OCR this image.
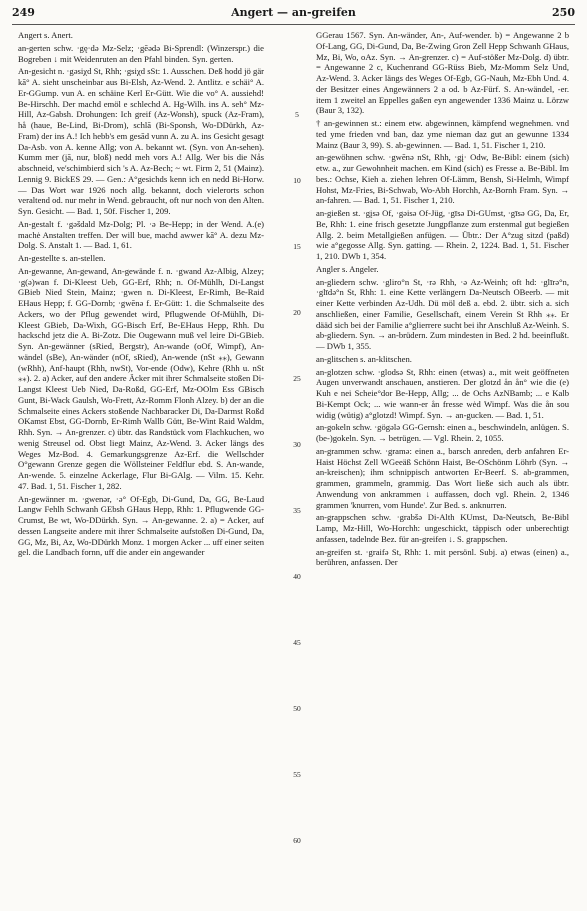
249	Angert — an-greifen	250

Angert s. Anert.

an-gerten schw. ·gę·də Mz-Selz; ·gēədə Bi-Sprendl: (Winzerspr.) die Bogreben ↓ mit Weidenruten an den Pfahl binden. Syn. gerten.

An-gesicht n. ·gəsiχd St, Rhh; ·gsiχd sSt: 1. Ausschen. Deß hodd jö gär kā° A. sieht unscheinbar aus Bi-Elsh, Az-Wend. 2. Antlitz. e schäi° A. Er-GGump. vun A. en schäine Kerl Er-Gütt. Wie die vo° A. aussiehd! Be-Hirschh. Der machd emöl e schlechd A. Hg-Wilh. ins A. seh° Mz-Hill, Az-Gabsh. Drohungen: Ich greif (Az-Wonsh), spuck (Az-Fram), hå (haue, Be-Lind, Bi-Drom), schlā (Bi-Sponsh, Wo-DDürkh, Az-Fram) der ins A.! Ich hebb's em gesād vunn A. zu A. ins Gesicht gesagt Da-Asb. von A. kenne Allg; von A. bekannt wt. (Syn. von An-sehen). Kumm mer (jā, nur, bloß) nedd meh vors A.! Allg. Wer bis die Nås abschneid, ve'schimbierd sich 's A. Az-Bech; ~ wt. Firm 2, 51 (Mainz). Lennig 9. BickES 29. — Gen.: A°gesichds kenn ich en nedd Bi-Horw. — Das Wort war 1926 noch allg. bekannt, doch vielerorts schon veraltend od. nur mehr in Wend. gebraucht, oft nur noch von den Alten. Syn. Gesicht. — Bad. 1, 50f. Fischer 1, 209.

An-gestalt f. ·gəšdald Mz-Dolg; Pl. ·ə Be-Hepp; in der Wend. A.(e) machė Anstalten treffen. Der will bue, machd awwer kā° A. dezu Mz-Dolg. S. Anstalt 1. — Bad. 1, 61.

An-gestellte s. an-stellen.

An-gewanne, An-gewand, An-gewände f. n. ·gwand Az-Albig, Alzey; ·g(ə)wan f. Di-Kleest Ueb, GG-Erf, Rhh; n. Of-Mühlh, Di-Langst GBieb Nied Stein, Mainz; ·gwen n. Di-Kleest, Er-Rimh, Be-Raid EHaus Hepp; f. GG-Dornb; ·gwēnə f. Er-Gütt: 1. die Schmalseite des Ackers, wo der Pflug gewendet wird, Pflugwende Of-Mühlh, Di-Kleest GBieb, Da-Wixh, GG-Bisch Erf, Be-EHaus Hepp, Rhh. Du hackschd jetz die A. Bi-Zotz. Die Ougewann muß vel leire Di-GBieb. Syn. An-gewänner (sRied, Bergstr), An-wande (oOf, Wimpf), An-wändel (sBe), An-wänder (nOf, sRied), An-wende (nSt ⁎⁎), Gewann (wRhh), Anf-haupt (Rhh, nwSt), Vor-ende (Odw), Kehre (Rhh u. nSt ⁎⁎). 2. a) Acker, auf den andere Äcker mit ihrer Schmalseite stoßen Di-Langst Kleest Ueb Nied, Da-Roßd, GG-Erf, Mz-OOlm Ess GBisch Gunt, Bi-Wack Gaulsh, Wo-Frett, Az-Romm Flonh Alzey. b) der an die Schmalseite eines Ackers stoßende Nachbaracker Di, Da-Darmst Roßd OKamst Ebst, GG-Dornb, Er-Rimh Wallb Gütt, Be-Wint Raid Waldm, Rhh. Syn. → An-grenzer. c) übtr. das Randstück vom Flachkuchen, wo wenig Streusel od. Obst liegt Mainz, Az-Wend. 3. Acker längs des Weges Mz-Bod. 4. Gemarkungsgrenze Az-Erf. die Wellschder O°gewann Grenze gegen die Wöllsteiner Feldflur ebd. S. An-wande, An-wende. 5. einzelne Ackerlage, Flur Bi-GAlg. — Vilm. 15. Kehr. 47. Bad. 1, 51. Fischer 1, 282.

An-gewänner m. ·gwenər, ·ə° Of-Egb, Di-Gund, Da, GG, Be-Laud Langw Fehlh Schwanh GEbsh GHaus Hepp, Rhh: 1. Pflugwende GG-Crumst, Be wt, Wo-DDürkh. Syn. → An-gewanne. 2. a) = Acker, auf dessen Langseite andere mit ihrer Schmalseite aufstoßen Di-Gund, Da, GG, Mz, Bi, Az, Wo-DDürkh Monz. 1 morgen Acker ... uff einer seiten gel. die Landbach fornn, uff die ander ein angewander

5
10
15
20
25
30
35
40
45
50
55
60

GGerau 1567. Syn. An-wänder, An-, Auf-wender. b) = Angewanne 2 b Of-Lang, GG, Di-Gund, Da, Be-Zwing Gron Zell Hepp Schwanh GHaus, Mz, Bi, Wo, oAz. Syn. → An-grenzer. c) = Auf-stößer Mz-Dolg. d) übtr. = Angewanne 2 c, Kuchenrand GG-Rüss Bieb, Mz-Momm Selz Und, Az-Wend. 3. Acker längs des Weges Of-Egb, GG-Nauh, Mz-Ebh Und. 4. der Besitzer eines Angewänners 2 a od. b Az-Fürf. S. An-wändel, -er. item 1 zweitel an Eppelles gaßen eyn angewender 1336 Mainz u. Lörzw (Baur 3, 132).

† an-gewinnen st.: einem etw. abgewinnen, kämpfend wegnehmen. vnd ted yme frieden vnd ban, daz yme nieman daz gut an gewunne 1334 Mainz (Baur 3, 99). S. ab-gewinnen. — Bad. 1, 51. Fischer 1, 210.

an-gewöhnen schw. ·gwēnə nSt, Rhh, ·gį· Odw, Be-Bibl: einem (sich) etw. a., zur Gewohnheit machen. em Kind (sich) es Fresse a. Be-Bibl. Im bes.: Ochse, Kieh a. ziehen lehren Of-Lämm, Bensh, Si-Helmh, Wimpf Hohst, Mz-Fries, Bi-Schwab, Wo-Abh Horchh, Az-Bornh Fram. Syn. → an-fahren. — Bad. 1, 51. Fischer 1, 210.

an-gießen st. ·gįsə Of, ·gəisə Of-Jüg, ·gīsə Di-GUmst, ·gīsə GG, Da, Er, Be, Rhh: 1. eine frisch gesetzte Jungpflanze zum erstenmal gut begießen Allg. 2. beim Metallgießen anfügen. — Übtr.: Der A°zug sitzd (paßd) wie a°gegosse Allg. Syn. gatting. — Rhein. 2, 1224. Bad. 1, 51. Fischer 1, 210. DWb 1, 354.

Angler s. Angeler.

an-gliedern schw. ·gliro°n St, ·rə Rhh, ·ə Az-Weinh; oft hd: ·glīrə°n, ·glīdə°n St, Rhh: 1. eine Kette verlängern Da-Neutsch OBeerb. — mit einer Kette verbinden Az-Udh. Dü möl deß a. ebd. 2. übtr. sich a. sich anschließen, einer Familie, Gesellschaft, einem Verein St Rhh ⁎⁎. Er dääd sich bei der Familie a°glierrere sucht bei ihr Anschluß Az-Weinh. S. ab-gliedern. Syn. → an-brüdern. Zum mindesten in Bed. 2 hd. beeinflußt. — DWb 1, 355.

an-glitschen s. an-klitschen.

an-glotzen schw. ·glodsə St, Rhh: einen (etwas) a., mit weit geöffneten Augen unverwandt anschauen, anstieren. Der glotzd ån ån° wie die (e) Kuh e nei Scheie°dor Be-Hepp, Allg; ... de Ochs AzNBamb; ... e Kalb Bi-Kempt Ock; ... wie wann-er ån fresse wėd Wimpf. Was die ån sou widig (wütig) a°glotzd! Wimpf. Syn. → an-gucken. — Bad. 1, 51.

an-gokeln schw. ·gögələ GG-Gernsh: einen a., beschwindeln, anlügen. S. (be-)gokeln. Syn. → betrügen. — Vgl. Rhein. 2, 1055.

an-grammen schw. ·gramə: einen a., barsch anreden, derb anfahren Er-Haist Höchst Zell WGeeäß Schönn Haist, Be-OSchönm Löhrb (Syn. → an-kreischen); ihm schnippisch antworten Er-Beerf. S. ab-grammen, grammen, grammeln, grammig. Das Wort ließe sich auch als übtr. Anwendung von ankrammen ↓ auffassen, doch vgl. Rhein. 2, 1346 grammen 'knurren, vom Hunde'. Zur Bed. s. anknurren.

an-grappschen schw. ·grabšə Di-Alth KUmst, Da-Neutsch, Be-Bibl Lamp, Mz-Hill, Wo-Horchh: ungeschickt, täppisch oder unberechtigt anfassen, tadelnde Bez. für an-greifen ↓. S. grappschen.

an-greifen st. ·graifə St, Rhh: 1. mit persönl. Subj. a) etwas (einen) a., berühren, anfassen. Der
